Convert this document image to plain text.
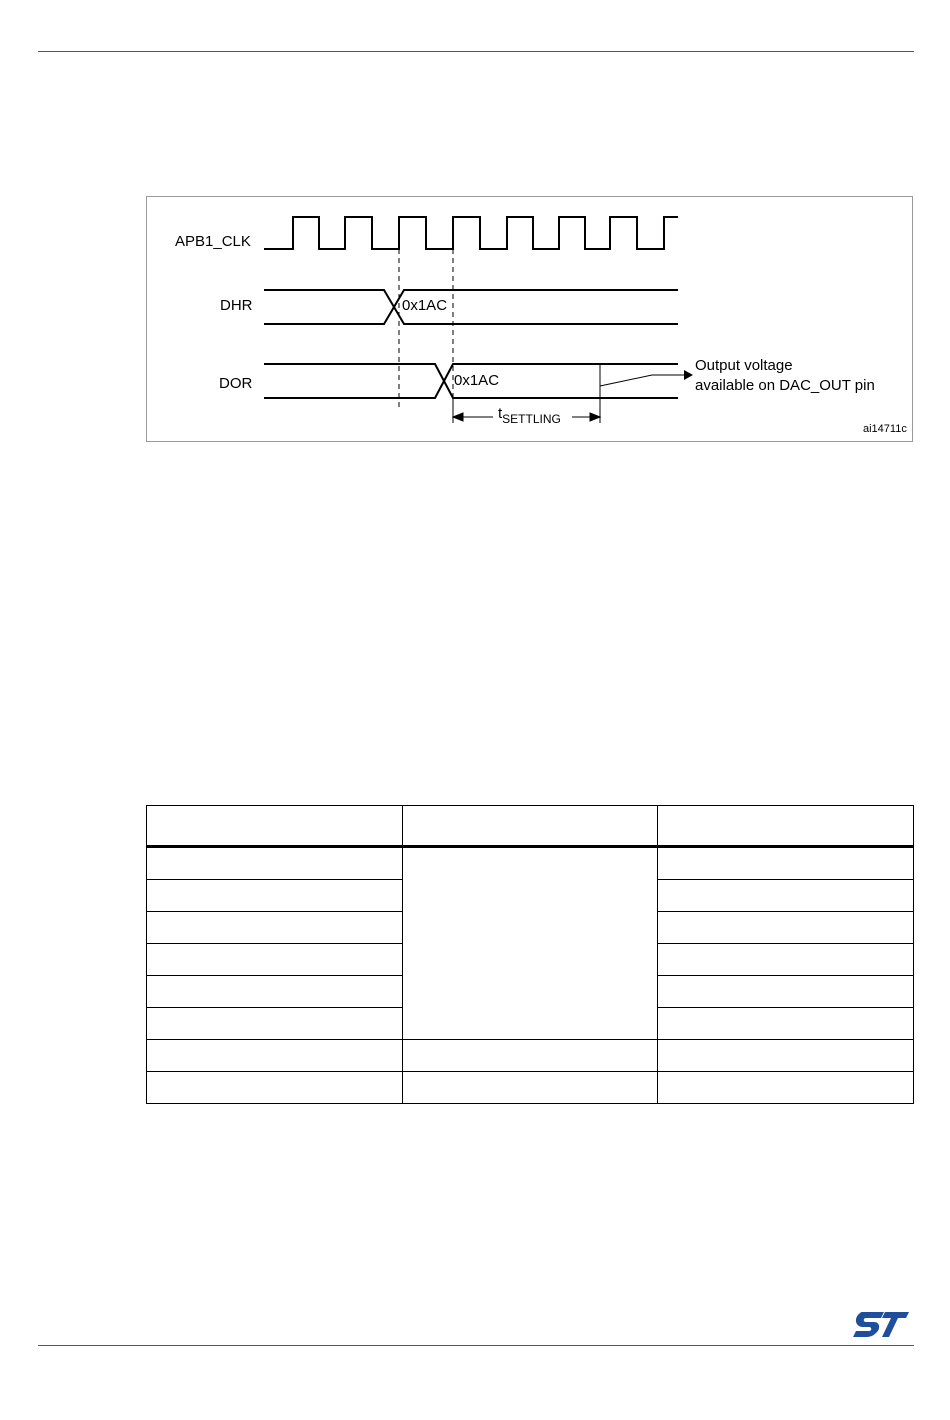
APB1_CLK
DHR
DOR
0x1AC
0x1AC
Output voltage
available on DAC_OUT pin
$t_{SETTLING}$
ai14711c
